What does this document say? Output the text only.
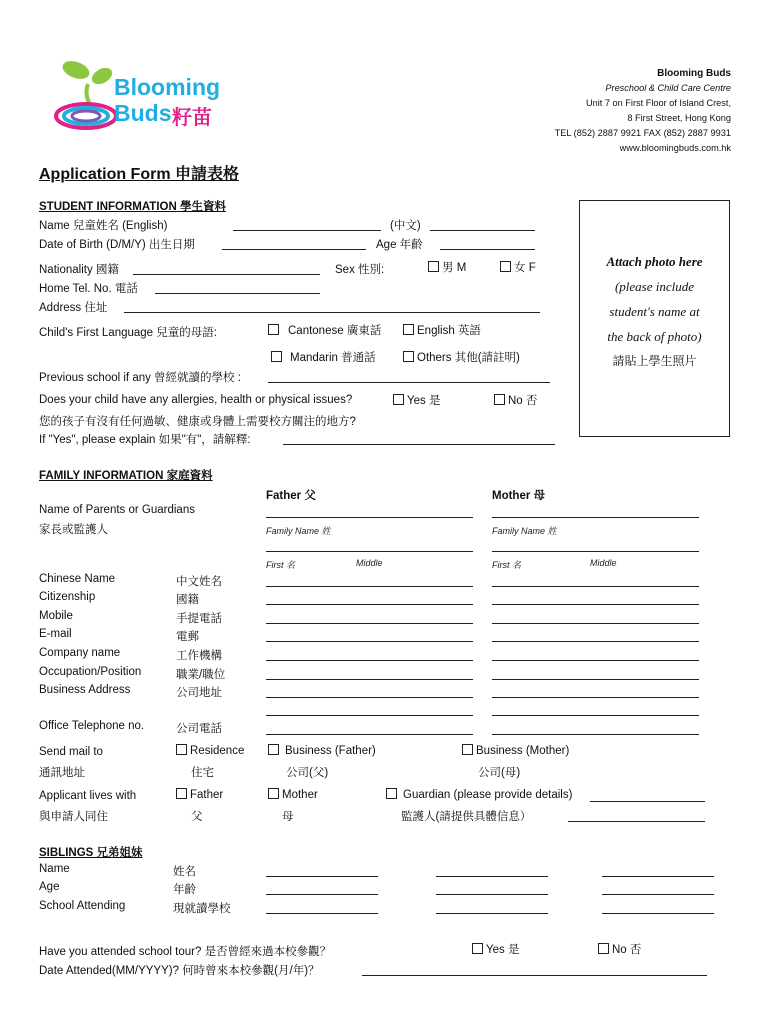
Blooming
Buds 籽苗
Blooming Buds
Preschool & Child Care Centre
Unit 7 on First Floor of Island Crest,
8 First Street, Hong Kong
TEL (852) 2887 9921 FAX (852) 2887 9931
www.bloomingbuds.com.hk
Application Form 申請表格
STUDENT INFORMATION 學生資料
Name 兒童姓名 (English)	(中文)
Date of Birth (D/M/Y) 出生日期	Age 年齡
Nationality 國籍	Sex 性別:	男 M	女 F
Home Tel. No. 電話
Address 住址
Child's First Language 兒童的母語:	Cantonese 廣東話	English 英語
Mandarin 普通話	Others 其他(請註明)
Previous school if any 曾經就讀的學校 :
Does your child have any allergies, health or physical issues?	Yes 是	No 否
您的孩子有沒有任何過敏、健康或身體上需要校方關注的地方?
If "Yes", please explain 如果"有"，請解釋:
Attach photo here
(please include
student's name at
the back of photo)
請貼上學生照片
FAMILY INFORMATION 家庭資料
Father 父	Mother 母
Name of Parents or Guardians
家長或監護人	Family Name 姓	Family Name 姓
First 名	Middle	First 名	Middle
Chinese Name	中文姓名
Citizenship	國籍
Mobile	手提電話
E-mail	電郵
Company name	工作機構
Occupation/Position	職業/職位
Business Address	公司地址
Office Telephone no.	公司電話
Send mail to
通訊地址
Residence
住宅
Business (Father)
公司(父)
Business (Mother)
公司(母)
Applicant lives with
與申請人同住
Father
父
Mother
母
Guardian (please provide details)
監護人(請提供具體信息）
SIBLINGS 兄弟姐妹
Name	姓名
Age	年齡
School Attending	現就讀學校
Have you attended school tour? 是否曾經來過本校參觀？	Yes 是	No 否
Date Attended(MM/YYYY)? 何時曾來本校參觀(月/年)？
